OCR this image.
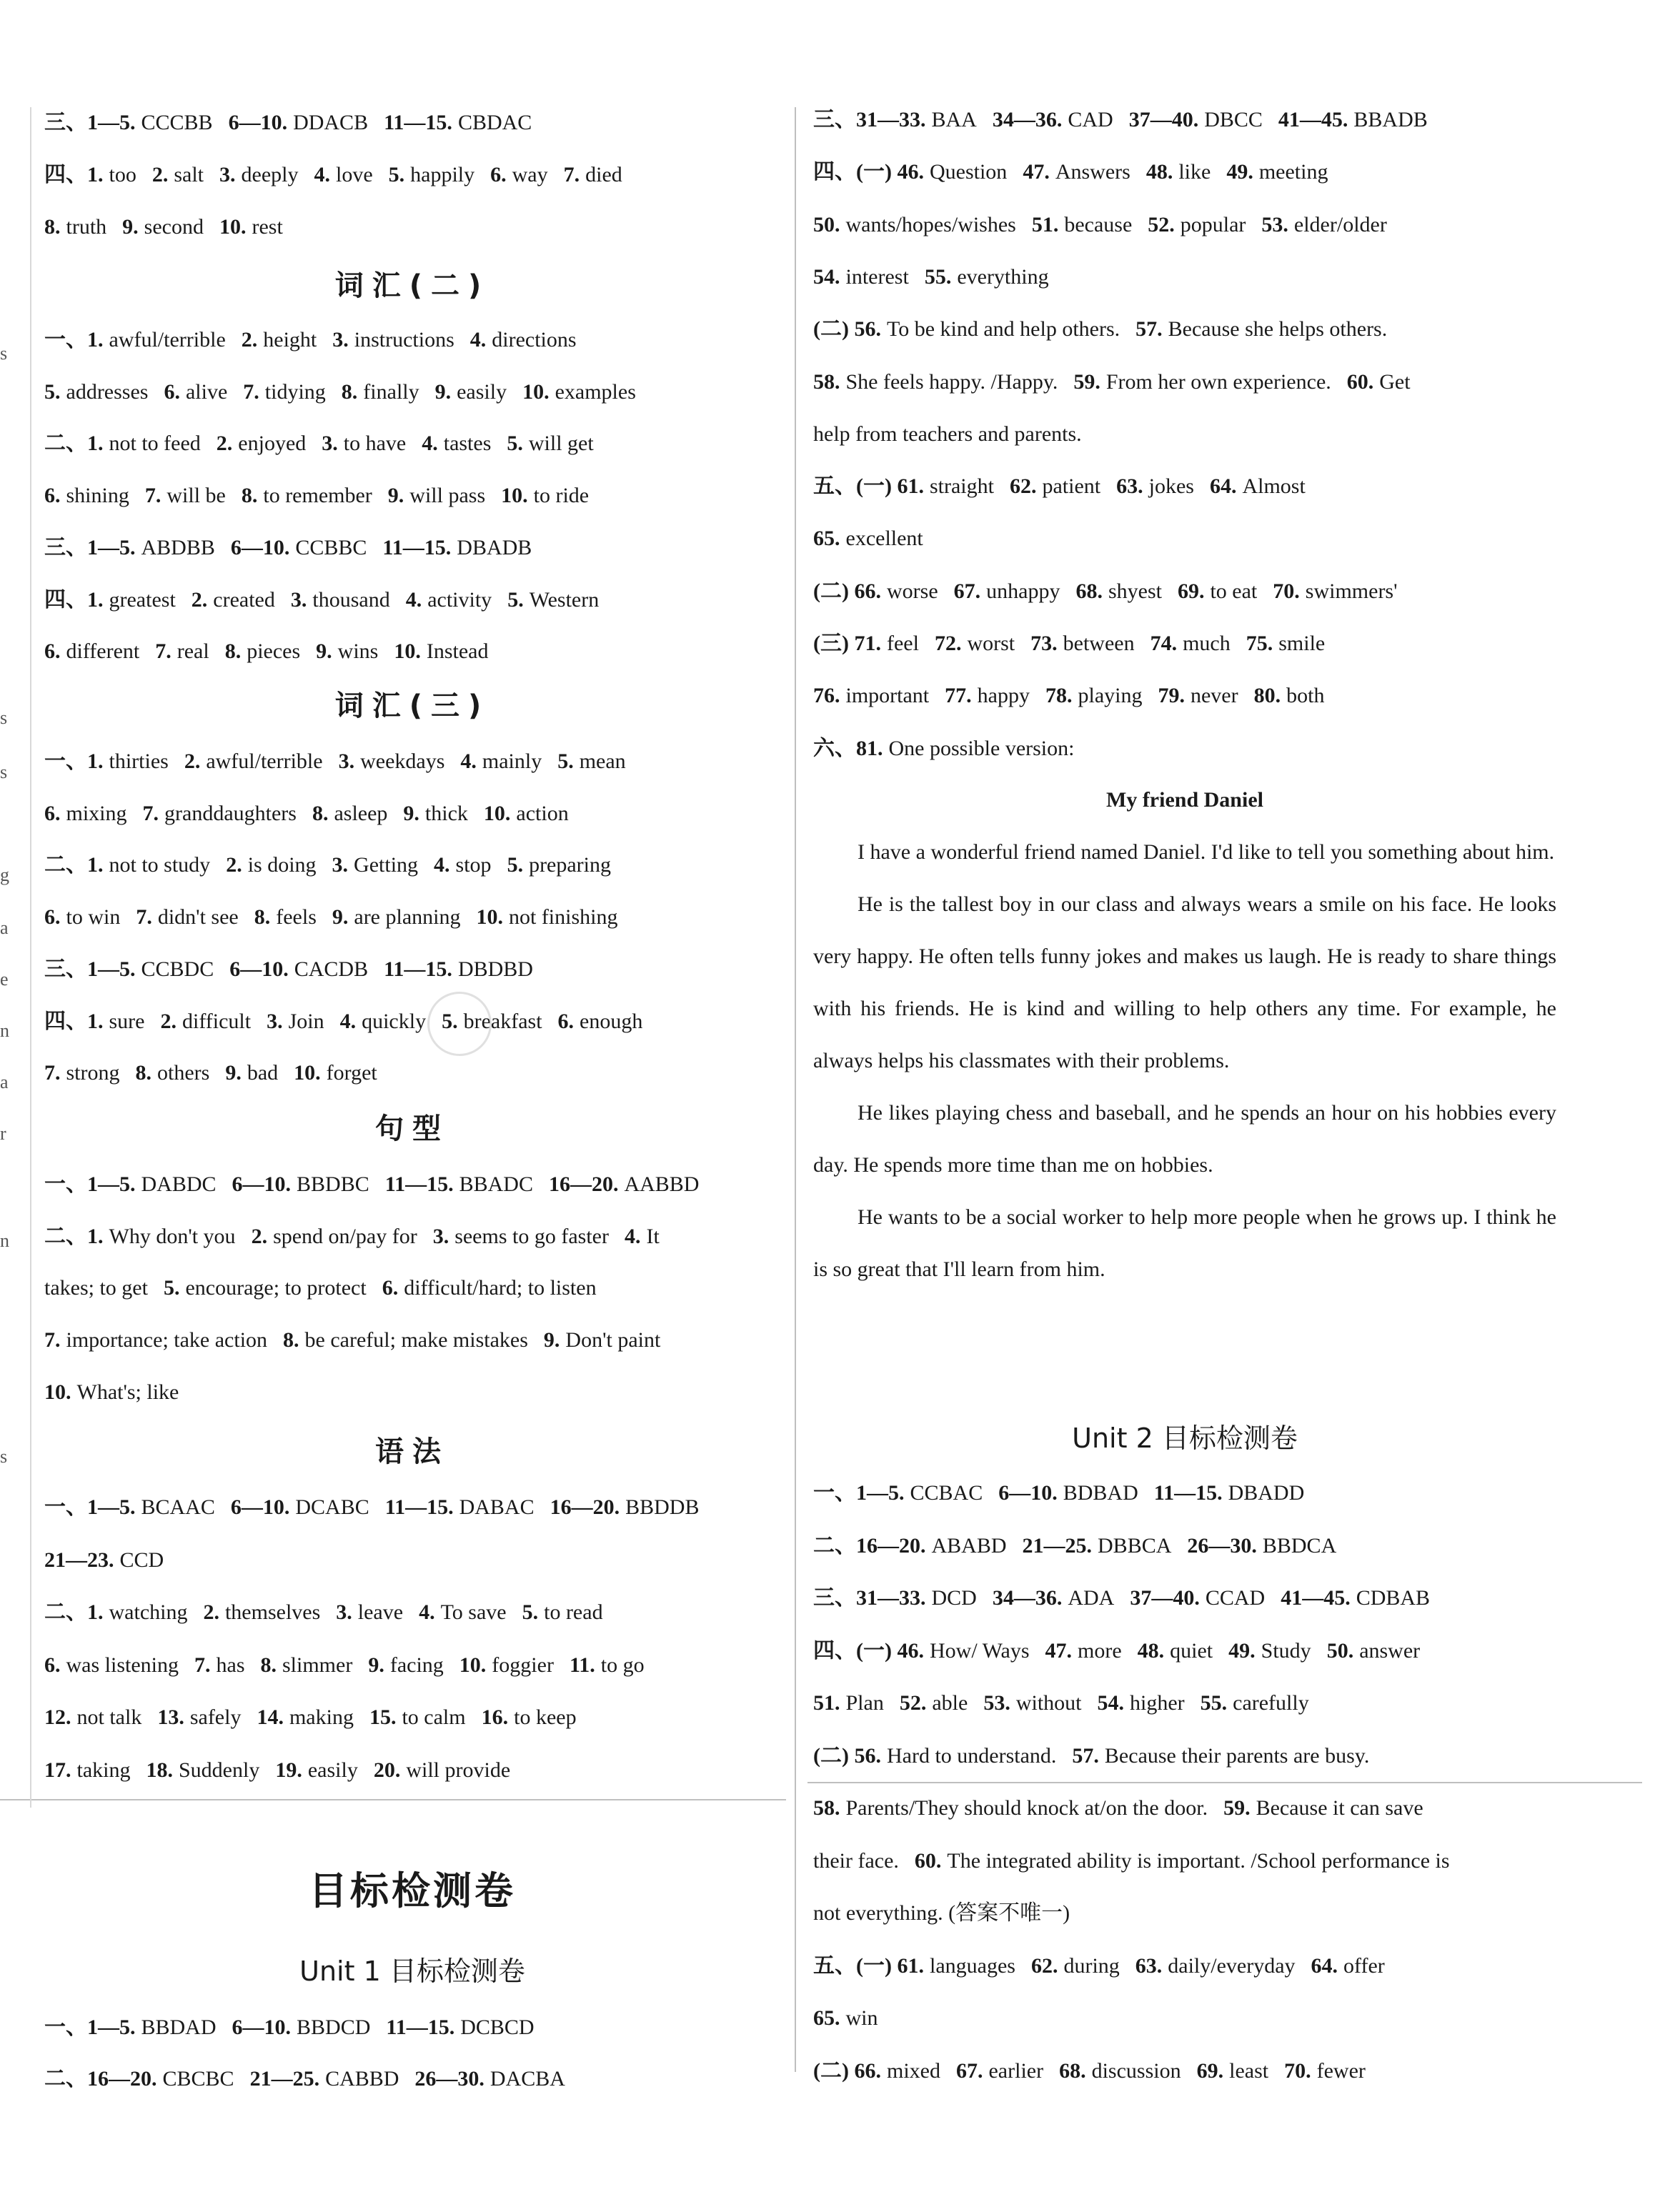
三、1—5. CCCBB 6—10. DDACB 11—15. CBDAC
四、1. too 2. salt 3. deeply 4. love 5. happily 6. way 7. died
8. truth 9. second 10. rest
词汇(二)
一、1. awful/terrible 2. height 3. instructions 4. directions
5. addresses 6. alive 7. tidying 8. finally 9. easily 10. examples
二、1. not to feed 2. enjoyed 3. to have 4. tastes 5. will get
6. shining 7. will be 8. to remember 9. will pass 10. to ride
三、1—5. ABDBB 6—10. CCBBC 11—15. DBADB
四、1. greatest 2. created 3. thousand 4. activity 5. Western
6. different 7. real 8. pieces 9. wins 10. Instead
词汇(三)
一、1. thirties 2. awful/terrible 3. weekdays 4. mainly 5. mean
6. mixing 7. granddaughters 8. asleep 9. thick 10. action
二、1. not to study 2. is doing 3. Getting 4. stop 5. preparing
6. to win 7. didn't see 8. feels 9. are planning 10. not finishing
三、1—5. CCBDC 6—10. CACDB 11—15. DBDBD
四、1. sure 2. difficult 3. Join 4. quickly 5. breakfast 6. enough
7. strong 8. others 9. bad 10. forget
句型
一、1—5. DABDC 6—10. BBDBC 11—15. BBADC 16—20. AABBD
二、1. Why don't you 2. spend on/pay for 3. seems to go faster 4. It
takes; to get 5. encourage; to protect 6. difficult/hard; to listen
7. importance; take action 8. be careful; make mistakes 9. Don't paint
10. What's; like
语法
一、1—5. BCAAC 6—10. DCABC 11—15. DABAC 16—20. BBDDB
21—23. CCD
二、1. watching 2. themselves 3. leave 4. To save 5. to read
6. was listening 7. has 8. slimmer 9. facing 10. foggier 11. to go
12. not talk 13. safely 14. making 15. to calm 16. to keep
17. taking 18. Suddenly 19. easily 20. will provide
目标检测卷
Unit 1 目标检测卷
一、1—5. BBDAD 6—10. BBDCD 11—15. DCBCD
二、16—20. CBCBC 21—25. CABBD 26—30. DACBA
s
s
s
g
a
e
n
a
r
n
s
三、31—33. BAA 34—36. CAD 37—40. DBCC 41—45. BBADB
四、(一) 46. Question 47. Answers 48. like 49. meeting
50. wants/hopes/wishes 51. because 52. popular 53. elder/older
54. interest 55. everything
(二) 56. To be kind and help others. 57. Because she helps others.
58. She feels happy. /Happy. 59. From her own experience. 60. Get
help from teachers and parents.
五、(一) 61. straight 62. patient 63. jokes 64. Almost
65. excellent
(二) 66. worse 67. unhappy 68. shyest 69. to eat 70. swimmers'
(三) 71. feel 72. worst 73. between 74. much 75. smile
76. important 77. happy 78. playing 79. never 80. both
六、81. One possible version:
My friend Daniel

I have a wonderful friend named Daniel. I'd like to tell you something about him.

He is the tallest boy in our class and always wears a smile on his face. He looks very happy. He often tells funny jokes and makes us laugh. He is ready to share things with his friends. He is kind and willing to help others any time. For example, he always helps his classmates with their problems.

He likes playing chess and baseball, and he spends an hour on his hobbies every day. He spends more time than me on hobbies.

He wants to be a social worker to help more people when he grows up. I think he is so great that I'll learn from him.

Unit 2 目标检测卷
一、1—5. CCBAC 6—10. BDBAD 11—15. DBADD
二、16—20. ABABD 21—25. DBBCA 26—30. BBDCA
三、31—33. DCD 34—36. ADA 37—40. CCAD 41—45. CDBAB
四、(一) 46. How/ Ways 47. more 48. quiet 49. Study 50. answer
51. Plan 52. able 53. without 54. higher 55. carefully
(二) 56. Hard to understand. 57. Because their parents are busy.
58. Parents/They should knock at/on the door. 59. Because it can save
their face. 60. The integrated ability is important. /School performance is
not everything. (答案不唯一)
五、(一) 61. languages 62. during 63. daily/everyday 64. offer
65. win
(二) 66. mixed 67. earlier 68. discussion 69. least 70. fewer
